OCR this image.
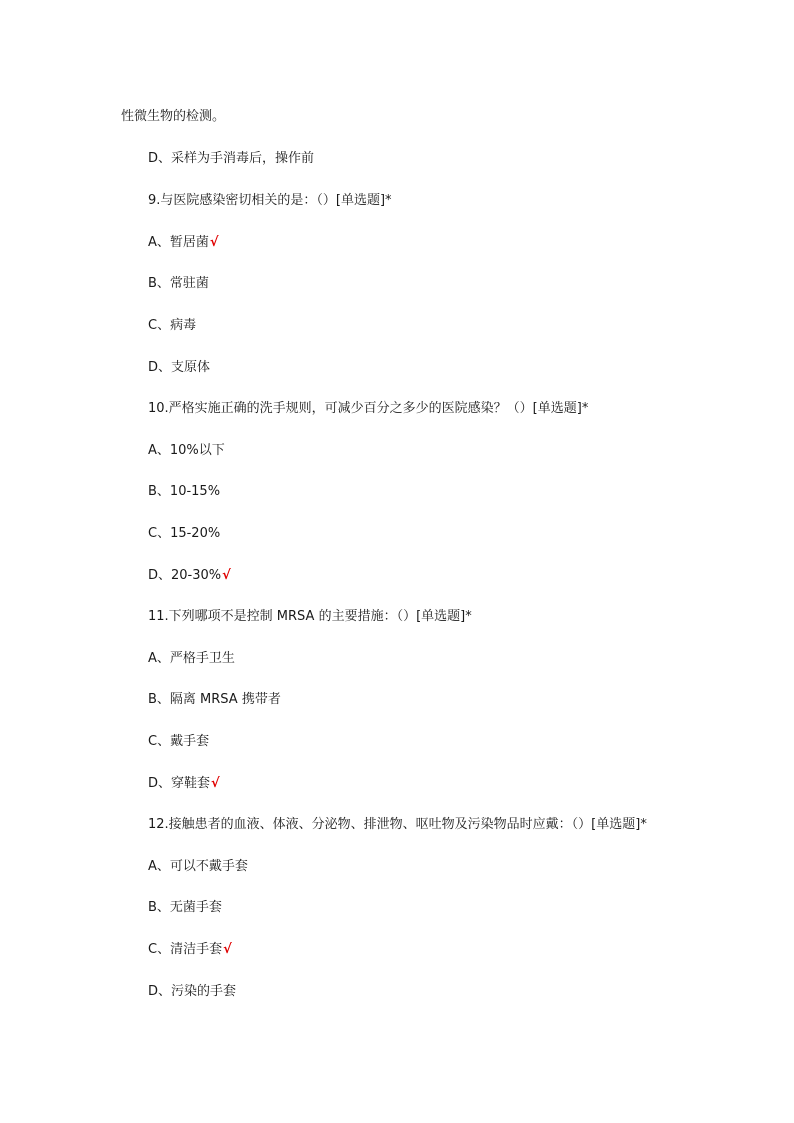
性微生物的检测。
D、采样为手消毒后，操作前
9.与医院感染密切相关的是：（）[单选题]*
A、暂居菌√
B、常驻菌
C、病毒
D、支原体
10.严格实施正确的洗手规则，可减少百分之多少的医院感染？（）[单选题]*
A、10%以下
B、10-15%
C、15-20%
D、20-30%√
11.下列哪项不是控制 MRSA 的主要措施：（）[单选题]*
A、严格手卫生
B、隔离 MRSA 携带者
C、戴手套
D、穿鞋套√
12.接触患者的血液、体液、分泌物、排泄物、呕吐物及污染物品时应戴：（）[单选题]*
A、可以不戴手套
B、无菌手套
C、清洁手套√
D、污染的手套
